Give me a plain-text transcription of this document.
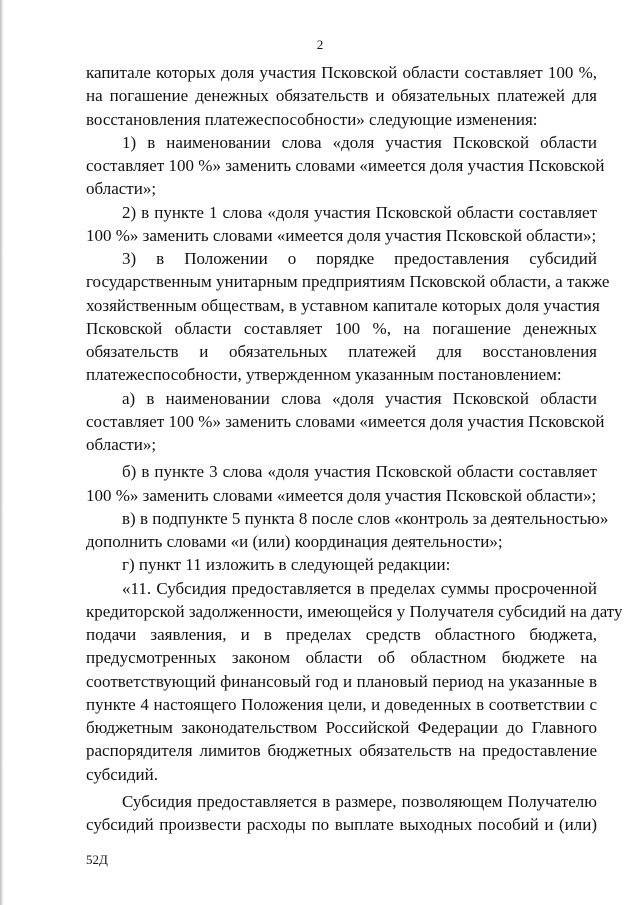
2
капитале которых доля участия Псковской области составляет 100 %,
на погашение денежных обязательств и обязательных платежей для
восстановления платежеспособности» следующие изменения:
1) в наименовании слова «доля участия Псковской области
составляет 100 %» заменить словами «имеется доля участия Псковской
области»;
2) в пункте 1 слова «доля участия Псковской области составляет
100 %» заменить словами «имеется доля участия Псковской области»;
3) в Положении о порядке предоставления субсидий
государственным унитарным предприятиям Псковской области, а также
хозяйственным обществам, в уставном капитале которых доля участия
Псковской области составляет 100 %, на погашение денежных
обязательств и обязательных платежей для восстановления
платежеспособности, утвержденном указанным постановлением:
а) в наименовании слова «доля участия Псковской области
составляет 100 %» заменить словами «имеется доля участия Псковской
области»;
б) в пункте 3 слова «доля участия Псковской области составляет
100 %» заменить словами «имеется доля участия Псковской области»;
в) в подпункте 5 пункта 8 после слов «контроль за деятельностью»
дополнить словами «и (или) координация деятельности»;
г) пункт 11 изложить в следующей редакции:
«11. Субсидия предоставляется в пределах суммы просроченной
кредиторской задолженности, имеющейся у Получателя субсидий на дату
подачи заявления, и в пределах средств областного бюджета,
предусмотренных законом области об областном бюджете на
соответствующий финансовый год и плановый период на указанные в
пункте 4 настоящего Положения цели, и доведенных в соответствии с
бюджетным законодательством Российской Федерации до Главного
распорядителя лимитов бюджетных обязательств на предоставление
субсидий.
Субсидия предоставляется в размере, позволяющем Получателю
субсидий произвести расходы по выплате выходных пособий и (или)
52Д
